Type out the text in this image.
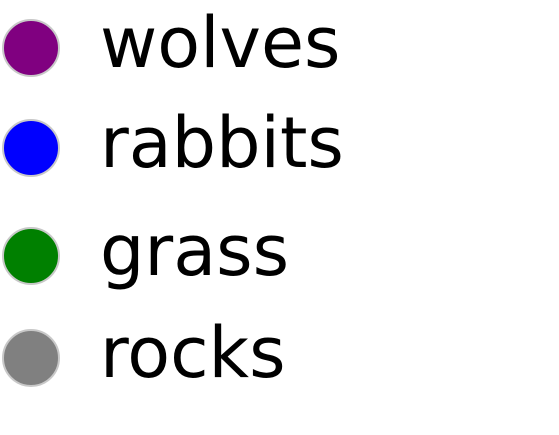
wolves
rabbits
grass
rocks
